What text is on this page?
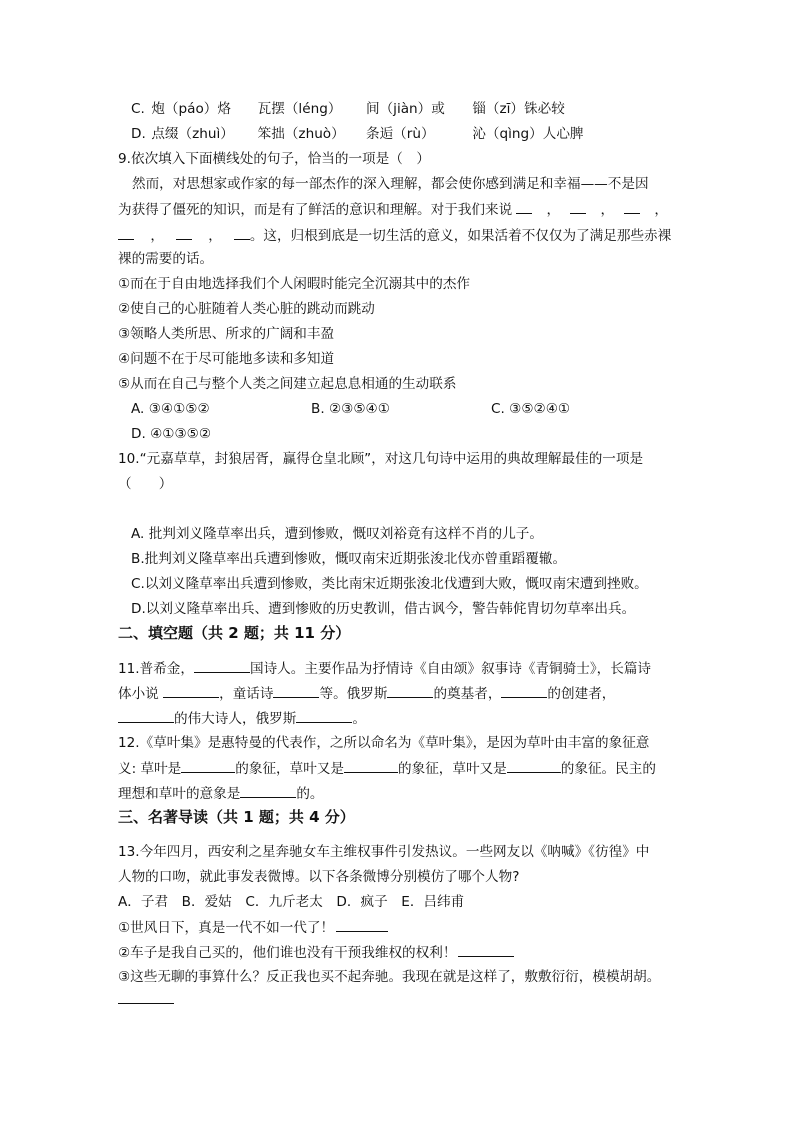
C. 炮（páo）烙 瓦摆（léng） 间（jiàn）或 锱（zī）铢必较
D. 点缀（zhuì） 笨拙（zhuò） 条逅（rù）	沁（qìng）人心脾
9.依次填入下面横线处的句子，恰当的一项是（　）
然而，对思想家或作家的每一部杰作的深入理解，都会使你感到满足和幸福——不是因
为获得了僵死的知识，而是有了鲜活的意识和理解。对于我们来说	，	，	，
，	， 。这，归根到底是一切生活的意义，如果活着不仅仅为了满足那些赤裸
裸的需要的话。
①而在于自由地选择我们个人闲暇时能完全沉溺其中的杰作
②使自己的心脏随着人类心脏的跳动而跳动
③领略人类所思、所求的广阔和丰盈
④问题不在于尽可能地多读和多知道
⑤从而在自己与整个人类之间建立起息息相通的生动联系
A. ③④①⑤②	B. ②③⑤④①	C. ③⑤②④①
D. ④①③⑤②
10.“元嘉草草，封狼居胥，赢得仓皇北顾”，对这几句诗中运用的典故理解最佳的一项是
（　　）
A. 批判刘义隆草率出兵，遭到惨败，慨叹刘裕竟有这样不肖的儿子。
B.批判刘义隆草率出兵遭到惨败，慨叹南宋近期张浚北伐亦曾重蹈覆辙。
C.以刘义隆草率出兵遭到惨败，类比南宋近期张浚北伐遭到大败，慨叹南宋遭到挫败。
D.以刘义隆草率出兵、遭到惨败的历史教训，借古讽今，警告韩侂胄切勿草率出兵。
二、填空题（共 2 题；共 11 分）
11.普希金，	国诗人。主要作品为抒情诗《自由颂》叙事诗《青铜骑士》，长篇诗
体小说	，童话诗	等。俄罗斯	的奠基者，	的创建者，
的伟大诗人，俄罗斯	。
12.《草叶集》是惠特曼的代表作，之所以命名为《草叶集》，是因为草叶由丰富的象征意
义: 草叶是	的象征，草叶又是	的象征，草叶又是	的象征。民主的
理想和草叶的意象是	的。
三、名著导读（共 1 题；共 4 分）
13.今年四月，西安利之星奔驰女车主维权事件引发热议。一些网友以《呐喊》《彷徨》中
人物的口吻，就此事发表微博。以下各条微博分别模仿了哪个人物?
A．子君　B．爱姑　C．九斤老太　D．疯子　E．吕纬甫
①世风日下，真是一代不如一代了！
②车子是我自己买的，他们谁也没有干预我维权的权利！
③这些无聊的事算什么？反正我也买不起奔驰。我现在就是这样了，敷敷衍衍，模模胡胡。
